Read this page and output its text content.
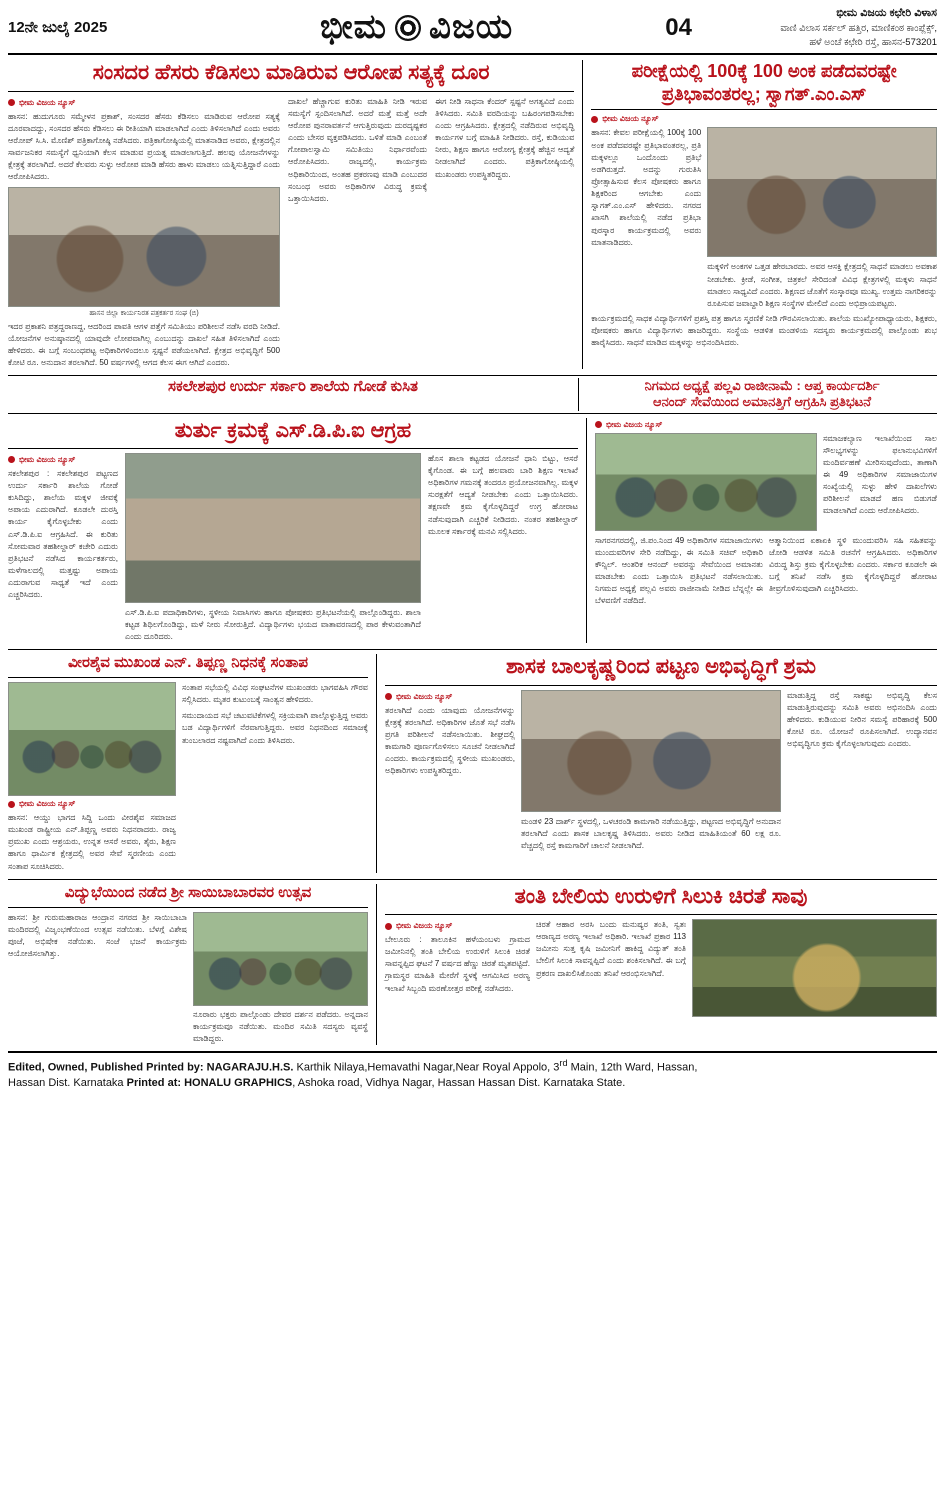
12ನೇ ಜುಲೈ 2025	ಭೀಮ ವಿಜಯ	04
ಭೀಮ ವಿಜಯ ಕಛೇರಿ ವಿಳಾಸ
ವಾಣಿ ವಿಲಾಸ ಸರ್ಕಲ್ ಹತ್ತಿರ, ಮಾಣಿಕಂಠ ಕಾಂಪ್ಲೆಕ್ಸ್,
ಹಳೆ ಅಂಚೆ ಕಛೇರಿ ರಸ್ತೆ, ಹಾಸನ-573201
ಸಂಸದರ ಹೆಸರು ಕೆಡಿಸಲು ಮಾಡಿರುವ ಆರೋಪ ಸತ್ಯಕ್ಕೆ ದೂರ
ಭೀಮ ವಿಜಯ ನ್ಯೂಸ್
ಹಾಸನ: ಹುದುಗೂರು ಸಮ್ಮೇಳನ ಪ್ರಕಾಶ್, ಸಂಸದರ ಹೆಸರು ಕೆಡಿಸಲು ಮಾಡಿರುವ ಆರೋಪ ಸತ್ಯಕ್ಕೆ ದೂರವಾದದ್ದು, ಸಂಸದರ ಹೆಸರು ಕೆಡಿಸಲು ಈ ರೀತಿಯಾಗಿ ಮಾಡಲಾಗಿದೆ ಎಂದು ತಿಳಿಸಲಾಗಿದೆ ಎಂದು ಅವರು ಆರೋಪ್ ಸಿ.ಸಿ. ಮೊಣಿಶ್ ಪತ್ರಿಕಾಗೋಷ್ಠಿ ನಡೆಸಿದರು. ಪತ್ರಿಕಾಗೋಷ್ಠಿಯಲ್ಲಿ ಮಾತನಾಡಿದ ಅವರು, ಕ್ಷೇತ್ರದಲ್ಲಿನ ಸಾರ್ವಜನಿಕರ ಸಮಸ್ಯೆಗೆ ಧ್ವನಿಯಾಗಿ ಕೆಲಸ ಮಾಡುವ ಪ್ರಯತ್ನ ಮಾಡಲಾಗುತ್ತಿದೆ. ಹಲವು ಯೋಜನೆಗಳನ್ನು ಕ್ಷೇತ್ರಕ್ಕೆ ತರಲಾಗಿದೆ. ಅದರೆ ಕೆಲವರು ಸುಳ್ಳು ಆರೋಪ ಮಾಡಿ ಹೆಸರು ಹಾಳು ಮಾಡಲು ಯತ್ನಿಸುತ್ತಿದ್ದಾರೆ ಎಂದು ಆರೋಪಿಸಿದರು.
ಹಾಸನ ಜಿಲ್ಲಾ ಕಾರ್ಯನಿರತ ಪತ್ರಕರ್ತರ ಸಂಘ (ಬಿ)
ಇದರ ಪ್ರಕಾಶನಿ ಪತ್ರದ್ದರಾಣದ್ದ, ಆದರಿಂದ ಪಾವತಿ ಆಗಳ ಪತ್ತೆಗೆ ಸಮಿತಿಯು ಪರಿಶೀಲನೆ ನಡೆಸಿ ವರದಿ ನೀಡಿದೆ. ಯೋಜನೆಗಳ ಅನುಷ್ಠಾನದಲ್ಲಿ ಯಾವುದೇ ಲೋಪವಾಗಿಲ್ಲ ಎಂಬುದನ್ನು ದಾಖಲೆ ಸಹಿತ ತಿಳಿಸಲಾಗಿದೆ ಎಂದು ಹೇಳಿದರು. ಈ ಬಗ್ಗೆ ಸಂಬಂಧಪಟ್ಟ ಅಧಿಕಾರಿಗಳಿಂದಲೂ ಸ್ಪಷ್ಟನೆ ಪಡೆಯಲಾಗಿದೆ. ಕ್ಷೇತ್ರದ ಅಭಿವೃದ್ಧಿಗೆ 500 ಕೋಟಿ ರೂ. ಅನುದಾನ ತರಲಾಗಿದೆ. 50 ವರ್ಷಗಳಲ್ಲಿ ಆಗದ ಕೆಲಸ ಈಗ ಆಗಿದೆ ಎಂದರು.
ದಾಖಲೆ ಹೆಚ್ಚಾಗುವ ಕುರಿತು ಮಾಹಿತಿ ನೀಡಿ ಇರುವ ಸಮಸ್ಯೆಗೆ ಸ್ಪಂದಿಸಲಾಗಿದೆ. ಅದರೆ ಮತ್ತೆ ಮತ್ತೆ ಅದೇ ಆರೋಪ ಪುನರಾವರ್ತನೆ ಆಗುತ್ತಿರುವುದು ದುರದೃಷ್ಟಕರ ಎಂದು ಬೇಸರ ವ್ಯಕ್ತಪಡಿಸಿದರು. ಒಳಿತೆ ಮಾಡಿ ಎಂಬಂತೆ ಗೋಪಾಲಸ್ವಾಮಿ ಸಮಿತಿಯು ನಿರ್ಧಾರವೆಂದು ಆರೋಪಿಸಿದರು. ರಾಜ್ಯದಲ್ಲಿ, ಕಾರ್ಯಕ್ರಮ ಅಧಿಕಾರಿಯಿಂದ, ಅಂತಹ ಪ್ರಕರಣವು ಮಾಡಿ ಎಂಬುದರ ಸಂಬಂಧ ಅವರು ಅಧಿಕಾರಿಗಳ ವಿರುದ್ಧ ಕ್ರಮಕ್ಕೆ ಒತ್ತಾಯಿಸಿದರು.
ಈಗ ನೀಡಿ ಸಾಧನಾ ಕೆಂದರ್ ಸ್ಪಷ್ಟನೆ ಅಗತ್ಯವಿದೆ ಎಂದು ತಿಳಿಸಿದರು. ಸಮಿತಿ ವರದಿಯನ್ನು ಬಹಿರಂಗಪಡಿಸಬೇಕು ಎಂದು ಆಗ್ರಹಿಸಿದರು. ಕ್ಷೇತ್ರದಲ್ಲಿ ನಡೆದಿರುವ ಅಭಿವೃದ್ಧಿ ಕಾರ್ಯಗಳ ಬಗ್ಗೆ ಮಾಹಿತಿ ನೀಡಿದರು. ರಸ್ತೆ, ಕುಡಿಯುವ ನೀರು, ಶಿಕ್ಷಣ ಹಾಗೂ ಆರೋಗ್ಯ ಕ್ಷೇತ್ರಕ್ಕೆ ಹೆಚ್ಚಿನ ಆದ್ಯತೆ ನೀಡಲಾಗಿದೆ ಎಂದರು. ಪತ್ರಿಕಾಗೋಷ್ಠಿಯಲ್ಲಿ ಮುಖಂಡರು ಉಪಸ್ಥಿತರಿದ್ದರು.
ಪರೀಕ್ಷೆಯಲ್ಲಿ 100ಕ್ಕೆ 100 ಅಂಕ ಪಡೆದವರಷ್ಟೇ
ಪ್ರತಿಭಾವಂತರಲ್ಲ; ಸ್ವಾಗತ್.ಎಂ.ಎಸ್
ಭೀಮ ವಿಜಯ ನ್ಯೂಸ್
ಹಾಸನ: ಕೇವಲ ಪರೀಕ್ಷೆಯಲ್ಲಿ 100ಕ್ಕೆ 100 ಅಂಕ ಪಡೆದವರಷ್ಟೇ ಪ್ರತಿಭಾವಂತರಲ್ಲ, ಪ್ರತಿ ಮಕ್ಕಳಲ್ಲೂ ಒಂದೊಂದು ಪ್ರತಿಭೆ ಅಡಗಿರುತ್ತದೆ. ಅದನ್ನು ಗುರುತಿಸಿ ಪ್ರೋತ್ಸಾಹಿಸುವ ಕೆಲಸ ಪೋಷಕರು ಹಾಗೂ ಶಿಕ್ಷಕರಿಂದ ಆಗಬೇಕು ಎಂದು ಸ್ವಾಗತ್.ಎಂ.ಎಸ್ ಹೇಳಿದರು. ನಗರದ ಖಾಸಗಿ ಶಾಲೆಯಲ್ಲಿ ನಡೆದ ಪ್ರತಿಭಾ ಪುರಸ್ಕಾರ ಕಾರ್ಯಕ್ರಮದಲ್ಲಿ ಅವರು ಮಾತನಾಡಿದರು.
ಮಕ್ಕಳಿಗೆ ಅಂಕಗಳ ಒತ್ತಡ ಹೇರಬಾರದು. ಅವರ ಆಸಕ್ತಿ ಕ್ಷೇತ್ರದಲ್ಲಿ ಸಾಧನೆ ಮಾಡಲು ಅವಕಾಶ ನೀಡಬೇಕು. ಕ್ರೀಡೆ, ಸಂಗೀತ, ಚಿತ್ರಕಲೆ ಸೇರಿದಂತೆ ವಿವಿಧ ಕ್ಷೇತ್ರಗಳಲ್ಲಿ ಮಕ್ಕಳು ಸಾಧನೆ ಮಾಡಲು ಸಾಧ್ಯವಿದೆ ಎಂದರು. ಶಿಕ್ಷಣದ ಜೊತೆಗೆ ಸಂಸ್ಕಾರವೂ ಮುಖ್ಯ. ಉತ್ತಮ ನಾಗರಿಕರನ್ನು ರೂಪಿಸುವ ಜವಾಬ್ದಾರಿ ಶಿಕ್ಷಣ ಸಂಸ್ಥೆಗಳ ಮೇಲಿದೆ ಎಂದು ಅಭಿಪ್ರಾಯಪಟ್ಟರು.
ಕಾರ್ಯಕ್ರಮದಲ್ಲಿ ಸಾಧಕ ವಿದ್ಯಾರ್ಥಿಗಳಿಗೆ ಪ್ರಶಸ್ತಿ ಪತ್ರ ಹಾಗೂ ಸ್ಮರಣಿಕೆ ನೀಡಿ ಗೌರವಿಸಲಾಯಿತು. ಶಾಲೆಯ ಮುಖ್ಯೋಪಾಧ್ಯಾಯರು, ಶಿಕ್ಷಕರು, ಪೋಷಕರು ಹಾಗೂ ವಿದ್ಯಾರ್ಥಿಗಳು ಹಾಜರಿದ್ದರು. ಸಂಸ್ಥೆಯ ಆಡಳಿತ ಮಂಡಳಿಯ ಸದಸ್ಯರು ಕಾರ್ಯಕ್ರಮದಲ್ಲಿ ಪಾಲ್ಗೊಂಡು ಶುಭ ಹಾರೈಸಿದರು. ಸಾಧನೆ ಮಾಡಿದ ಮಕ್ಕಳನ್ನು ಅಭಿನಂದಿಸಿದರು.
ಸಕಲೇಶಪುರ ಉರ್ದು ಸರ್ಕಾರಿ ಶಾಲೆಯ ಗೋಡೆ ಕುಸಿತ	ನಿಗಮದ ಅಧ್ಯಕ್ಷೆ ಪಲ್ಲವಿ ರಾಜೀನಾಮೆ : ಆಪ್ತ ಕಾರ್ಯದರ್ಶಿ
ಆನಂದ್ ಸೇವೆಯಿಂದ ಅಮಾನತ್ತಿಗೆ ಆಗ್ರಹಿಸಿ ಪ್ರತಿಭಟನೆ
ತುರ್ತು ಕ್ರಮಕ್ಕೆ ಎಸ್.ಡಿ.ಪಿ.ಐ ಆಗ್ರಹ
ಭೀಮ ವಿಜಯ ನ್ಯೂಸ್
ಸಕಲೇಶಪುರ : ಸಕಲೇಶಪುರ ಪಟ್ಟಣದ ಉರ್ದು ಸರ್ಕಾರಿ ಶಾಲೆಯ ಗೋಡೆ ಕುಸಿದಿದ್ದು, ಶಾಲೆಯ ಮಕ್ಕಳ ಜೀವಕ್ಕೆ ಅಪಾಯ ಎದುರಾಗಿದೆ. ಕೂಡಲೇ ದುರಸ್ತಿ ಕಾರ್ಯ ಕೈಗೊಳ್ಳಬೇಕು ಎಂದು ಎಸ್.ಡಿ.ಪಿ.ಐ ಆಗ್ರಹಿಸಿದೆ. ಈ ಕುರಿತು ಸೋಮವಾರ ತಹಶೀಲ್ದಾರ್ ಕಚೇರಿ ಎದುರು ಪ್ರತಿಭಟನೆ ನಡೆಸಿದ ಕಾರ್ಯಕರ್ತರು, ಮಳೆಗಾಲದಲ್ಲಿ ಮತ್ತಷ್ಟು ಅಪಾಯ ಎದುರಾಗುವ ಸಾಧ್ಯತೆ ಇದೆ ಎಂದು ಎಚ್ಚರಿಸಿದರು.
ಎಸ್.ಡಿ.ಪಿ.ಐ ಪದಾಧಿಕಾರಿಗಳು, ಸ್ಥಳೀಯ ನಿವಾಸಿಗಳು ಹಾಗೂ ಪೋಷಕರು ಪ್ರತಿಭಟನೆಯಲ್ಲಿ ಪಾಲ್ಗೊಂಡಿದ್ದರು. ಶಾಲಾ ಕಟ್ಟಡ ಶಿಥಿಲಗೊಂಡಿದ್ದು, ಮಳೆ ನೀರು ಸೋರುತ್ತಿದೆ. ವಿದ್ಯಾರ್ಥಿಗಳು ಭಯದ ವಾತಾವರಣದಲ್ಲಿ ಪಾಠ ಕೇಳುವಂತಾಗಿದೆ ಎಂದು ದೂರಿದರು.
ಹೊಸ ಶಾಲಾ ಕಟ್ಟಡದ ಯೋಜನೆ ಧಾನಿ ಬಿಟ್ಟು, ಆಸರೆ ಕೈಗೊಂಡ. ಈ ಬಗ್ಗೆ ಹಲವಾರು ಬಾರಿ ಶಿಕ್ಷಣ ಇಲಾಖೆ ಅಧಿಕಾರಿಗಳ ಗಮನಕ್ಕೆ ತಂದರೂ ಪ್ರಯೋಜನವಾಗಿಲ್ಲ. ಮಕ್ಕಳ ಸುರಕ್ಷತೆಗೆ ಆದ್ಯತೆ ನೀಡಬೇಕು ಎಂದು ಒತ್ತಾಯಿಸಿದರು. ತಕ್ಷಣವೇ ಕ್ರಮ ಕೈಗೊಳ್ಳದಿದ್ದರೆ ಉಗ್ರ ಹೋರಾಟ ನಡೆಸುವುದಾಗಿ ಎಚ್ಚರಿಕೆ ನೀಡಿದರು. ನಂತರ ತಹಶೀಲ್ದಾರ್ ಮೂಲಕ ಸರ್ಕಾರಕ್ಕೆ ಮನವಿ ಸಲ್ಲಿಸಿದರು.
ಭೀಮ ವಿಜಯ ನ್ಯೂಸ್
ಸಮಾಜಕಲ್ಯಾಣ ಇಲಾಖೆಯಿಂದ ಸಾಲ ಸೌಲಭ್ಯಗಳನ್ನು ಫಲಾನುಭವಿಗಳಿಗೆ ಮಂದಿರ್ವಹಣೆ ಮೀರಿಸುವುದೆಂದು, ತಾಣಾಗಿ ಈ 49 ಅಧಿಕಾರಿಗಳ ಸಮಾಜಾಯಿಗಳ ಸಂಖ್ಯೆಯಲ್ಲಿ ಸುಳ್ಳು ಹೇಳಿ ದಾಖಲೆಗಳು ಪರಿಶೀಲನೆ ಮಾಡದೆ ಹಣ ಬಿಡುಗಡೆ ಮಾಡಲಾಗಿದೆ ಎಂದು ಆರೋಪಿಸಿದರು.
ಸಾಗರನಗರದಲ್ಲಿ, ಜಿ.ಪಂ.ನಿಂದ 49 ಅಧಿಕಾರಿಗಳ ಸಮಾಜಾಯಿಗಳು ಮುಂದುವರಿಗಳ ಸೇರಿ ನಡೆದಿದ್ದು, ಈ ಸಮಿತಿ ಸಚಿವ್ ಅಧಿಕಾರಿ ಕೌನ್ಸಿಲ್. ಆಂತರಿಕ ಆನಂದ್ ಅವರನ್ನು ಸೇವೆಯಿಂದ ಅಮಾನತು ಮಾಡಬೇಕು ಎಂದು ಒತ್ತಾಯಿಸಿ ಪ್ರತಿಭಟನೆ ನಡೆಸಲಾಯಿತು. ನಿಗಮದ ಅಧ್ಯಕ್ಷೆ ಪಲ್ಲವಿ ಅವರು ರಾಜೀನಾಮೆ ನೀಡಿದ ಬೆನ್ನಲ್ಲೇ ಈ ಬೆಳವಣಿಗೆ ನಡೆದಿದೆ.
ಆತ್ಮಾನಿಯಿಂದ ಏಕಾಏಕಿ ಸ್ಥಳಿ ಮುಂದುವರಿಸಿ ಸಹಿ ಸಹಿತವನ್ನು ಜೋಡಿ ಆಡಳಿತ ಸಮಿತಿ ರಚನೆಗೆ ಆಗ್ರಹಿಸಿದರು. ಅಧಿಕಾರಿಗಳ ವಿರುದ್ಧ ಶಿಸ್ತು ಕ್ರಮ ಕೈಗೊಳ್ಳಬೇಕು ಎಂದರು. ಸರ್ಕಾರ ಕೂಡಲೇ ಈ ಬಗ್ಗೆ ತನಿಖೆ ನಡೆಸಿ ಕ್ರಮ ಕೈಗೊಳ್ಳದಿದ್ದರೆ ಹೋರಾಟ ತೀವ್ರಗೊಳಿಸುವುದಾಗಿ ಎಚ್ಚರಿಸಿದರು.
ವೀರಶೈವ ಮುಖಂಡ ಎನ್. ತಿಪ್ಪಣ್ಣ ನಿಧನಕ್ಕೆ ಸಂತಾಪ
ಭೀಮ ವಿಜಯ ನ್ಯೂಸ್
ಹಾಸನ: ಆಯ್ದು ಭಾಗದ ಸಿದ್ದಿ ಒಂದು ವೀರಶೈವ ಸಮಾಜದ ಮುಖಂಡ ರಾಷ್ಟ್ರೀಯ ಎನ್.ತಿಪ್ಪಣ್ಣ ಅವರು ನಿಧನರಾದರು. ರಾಜ್ಯ ಪ್ರಮುಖ ಎಂದು ಆಶ್ರಯರು, ಉನ್ನತ ಆಸರೆ ಅವರು, ತೈರು, ಶಿಕ್ಷಣ ಹಾಗೂ ಧಾರ್ಮಿಕ ಕ್ಷೇತ್ರದಲ್ಲಿ ಅವರ ಸೇವೆ ಸ್ಮರಣೀಯ ಎಂದು ಸಂತಾಪ ಸೂಚಿಸಿದರು.
ಸಂತಾಪ ಸಭೆಯಲ್ಲಿ ವಿವಿಧ ಸಂಘಟನೆಗಳ ಮುಖಂಡರು ಭಾಗವಹಿಸಿ ಗೌರವ ಸಲ್ಲಿಸಿದರು. ಮೃತರ ಕುಟುಂಬಕ್ಕೆ ಸಾಂತ್ವನ ಹೇಳಿದರು.
ಸಮುದಾಯದ ಸಭೆ ಚಟುವಟಿಕೆಗಳಲ್ಲಿ ಸಕ್ರಿಯವಾಗಿ ಪಾಲ್ಗೊಳ್ಳುತ್ತಿದ್ದ ಅವರು ಬಡ ವಿದ್ಯಾರ್ಥಿಗಳಿಗೆ ನೆರವಾಗುತ್ತಿದ್ದರು. ಅವರ ನಿಧನದಿಂದ ಸಮಾಜಕ್ಕೆ ತುಂಬಲಾರದ ನಷ್ಟವಾಗಿದೆ ಎಂದು ತಿಳಿಸಿದರು.
ಶಾಸಕ ಬಾಲಕೃಷ್ಣರಿಂದ ಪಟ್ಟಣ ಅಭಿವೃದ್ಧಿಗೆ ಶ್ರಮ
ಭೀಮ ವಿಜಯ ನ್ಯೂಸ್
ತರಲಾಗಿದೆ ಎಂದು ಯಾವುದು ಯೋಜನೆಗಳನ್ನು ಕ್ಷೇತ್ರಕ್ಕೆ ತರಲಾಗಿದೆ. ಅಧಿಕಾರಿಗಳ ಜೊತೆ ಸಭೆ ನಡೆಸಿ ಪ್ರಗತಿ ಪರಿಶೀಲನೆ ನಡೆಸಲಾಯಿತು. ಶೀಘ್ರದಲ್ಲಿ ಕಾಮಗಾರಿ ಪೂರ್ಣಗೊಳಿಸಲು ಸೂಚನೆ ನೀಡಲಾಗಿದೆ ಎಂದರು. ಕಾರ್ಯಕ್ರಮದಲ್ಲಿ ಸ್ಥಳೀಯ ಮುಖಂಡರು, ಅಧಿಕಾರಿಗಳು ಉಪಸ್ಥಿತರಿದ್ದರು.
ಮಂಡಳಿ 23 ದಾರ್ಶ್ ಸ್ಥಳದಲ್ಲಿ, ಒಳಚರಂಡಿ ಕಾಮಗಾರಿ ನಡೆಯುತ್ತಿದ್ದು, ಪಟ್ಟಣದ ಅಭಿವೃದ್ಧಿಗೆ ಅನುದಾನ ತರಲಾಗಿದೆ ಎಂದು ಶಾಸಕ ಬಾಲಕೃಷ್ಣ ತಿಳಿಸಿದರು. ಅವರು ನೀಡಿದ ಮಾಹಿತಿಯಂತೆ 60 ಲಕ್ಷ ರೂ. ವೆಚ್ಚದಲ್ಲಿ ರಸ್ತೆ ಕಾಮಗಾರಿಗೆ ಚಾಲನೆ ನೀಡಲಾಗಿದೆ.
ಮಾಡುತ್ತಿದ್ದ ರಸ್ತೆ ಸಾಕಷ್ಟು ಅಭಿವೃದ್ಧಿ ಕೆಲಸ ಮಾಡುತ್ತಿರುವುದನ್ನು ಸಮಿತಿ ಅವರು ಅಭಿನಂದಿಸಿ ಎಂದು ಹೇಳಿದರು. ಕುಡಿಯುವ ನೀರಿನ ಸಮಸ್ಯೆ ಪರಿಹಾರಕ್ಕೆ 500 ಕೋಟಿ ರೂ. ಯೋಜನೆ ರೂಪಿಸಲಾಗಿದೆ. ಉದ್ಯಾನವನ ಅಭಿವೃದ್ಧಿಗೂ ಕ್ರಮ ಕೈಗೊಳ್ಳಲಾಗುವುದು ಎಂದರು.
ವಿದ್ಯುಭೆಯಿಂದ ನಡೆದ ಶ್ರೀ ಸಾಯಿಬಾಬಾರವರ ಉತ್ಸವ
ಹಾಸನ: ಶ್ರೀ ಗುರುಮಹಾರಾಜ ಆಂದ್ರಾನ ನಗರದ ಶ್ರೀ ಸಾಯಿಬಾಬಾ ಮಂದಿರದಲ್ಲಿ ವಿಜೃಂಭಣೆಯಿಂದ ಉತ್ಸವ ನಡೆಯಿತು. ಬೆಳಗ್ಗೆ ವಿಶೇಷ ಪೂಜೆ, ಅಭಿಷೇಕ ನಡೆಯಿತು. ಸಂಜೆ ಭಜನೆ ಕಾರ್ಯಕ್ರಮ ಆಯೋಜಿಸಲಾಗಿತ್ತು.
ನೂರಾರು ಭಕ್ತರು ಪಾಲ್ಗೊಂಡು ದೇವರ ದರ್ಶನ ಪಡೆದರು. ಅನ್ನದಾನ ಕಾರ್ಯಕ್ರಮವೂ ನಡೆಯಿತು. ಮಂದಿರ ಸಮಿತಿ ಸದಸ್ಯರು ವ್ಯವಸ್ಥೆ ಮಾಡಿದ್ದರು.
ತಂತಿ ಬೇಲಿಯ ಉರುಳಿಗೆ ಸಿಲುಕಿ ಚಿರತೆ ಸಾವು
ಭೀಮ ವಿಜಯ ನ್ಯೂಸ್
ಬೇಲೂರು : ತಾಲೂಕಿನ ಹಳೆಯಂಬಳು ಗ್ರಾಮದ ಜಮೀನಿನಲ್ಲಿ ತಂತಿ ಬೇಲಿಯ ಉರುಳಿಗೆ ಸಿಲುಕಿ ಚಿರತೆ ಸಾವನ್ನಪ್ಪಿದ ಘಟನೆ 7 ವರ್ಷದ ಹೆಣ್ಣು ಚಿರತೆ ಮೃತಪಟ್ಟಿದೆ. ಗ್ರಾಮಸ್ಥರ ಮಾಹಿತಿ ಮೇರೆಗೆ ಸ್ಥಳಕ್ಕೆ ಆಗಮಿಸಿದ ಅರಣ್ಯ ಇಲಾಖೆ ಸಿಬ್ಬಂದಿ ಮರಣೋತ್ತರ ಪರೀಕ್ಷೆ ನಡೆಸಿದರು.
ಚಿರತೆ ಆಹಾರ ಅರಸಿ ಬಂದು ಮನುಷ್ಯರ ತಂತಿ, ಸ್ವತಃ ಆರಾಣ್ಯದ ಅರಣ್ಯ ಇಲಾಖೆ ಅಧಿಕಾರಿ. ಇಲಾಖೆ ಪ್ರಕಾರ 113 ಜಮೀನು ಸುತ್ತ ಕೃಷಿ ಜಮೀನಿಗೆ ಹಾಕಿದ್ದ ವಿದ್ಯುತ್ ತಂತಿ ಬೇಲಿಗೆ ಸಿಲುಕಿ ಸಾವನ್ನಪ್ಪಿದೆ ಎಂದು ಶಂಕಿಸಲಾಗಿದೆ. ಈ ಬಗ್ಗೆ ಪ್ರಕರಣ ದಾಖಲಿಸಿಕೊಂಡು ತನಿಖೆ ಆರಂಭಿಸಲಾಗಿದೆ.
Edited, Owned, Published Printed by: NAGARAJU.H.S. Karthik Nilaya,Hemavathi Nagar,Near Royal Appolo, 3rd Main, 12th Ward, Hassan,
Hassan Dist. Karnataka Printed at: HONALU GRAPHICS, Ashoka road, Vidhya Nagar, Hassan Hassan Dist. Karnataka State.
